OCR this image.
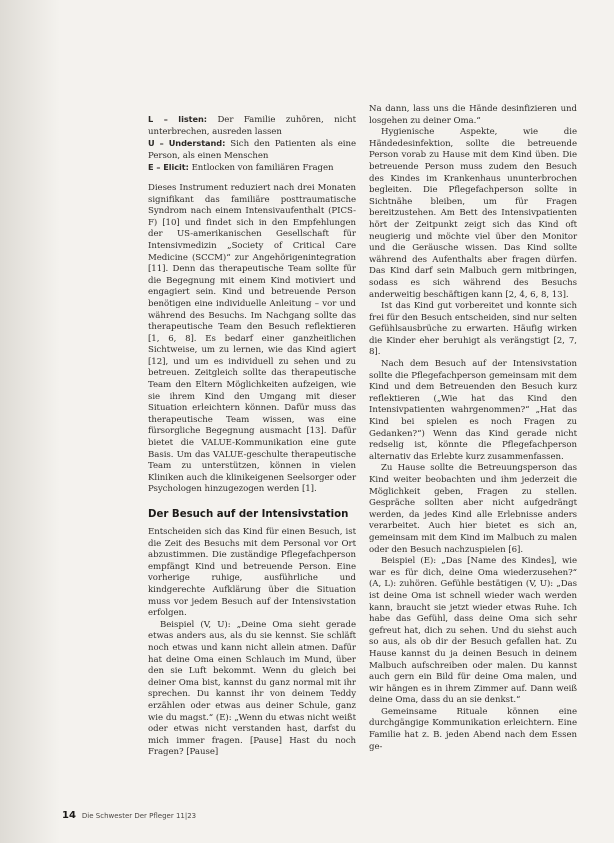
L – listen: Der Familie zuhören, nicht unterbrechen, ausreden lassen

U – Understand: Sich den Patienten als eine Person, als einen Menschen

E – Elicit: Entlocken von familiären Fragen

Dieses Instrument reduziert nach drei Monaten signifikant das familiäre posttraumatische Syndrom nach einem Intensivaufenthalt (PICS-F) [10] und findet sich in den Empfehlungen der US-amerikanischen Gesellschaft für Intensivmedizin „Society of Critical Care Medicine (SCCM)“ zur Angehörigenintegration [11]. Denn das therapeutische Team sollte für die Begegnung mit einem Kind motiviert und engagiert sein. Kind und betreuende Person benötigen eine individuelle Anleitung – vor und während des Besuchs. Im Nachgang sollte das therapeutische Team den Besuch reflektieren [1, 6, 8]. Es bedarf einer ganzheitlichen Sichtweise, um zu lernen, wie das Kind agiert [12], und um es individuell zu sehen und zu betreuen. Zeitgleich sollte das therapeutische Team den Eltern Möglichkeiten aufzeigen, wie sie ihrem Kind den Umgang mit dieser Situation erleichtern können. Dafür muss das therapeutische Team wissen, was eine fürsorgliche Begegnung ausmacht [13]. Dafür bietet die VALUE-Kommunikation eine gute Basis. Um das VALUE-geschulte therapeutische Team zu unterstützen, können in vielen Kliniken auch die klinikeigenen Seelsorger oder Psychologen hinzugezogen werden [1].

Der Besuch auf der Intensivstation

Entscheiden sich das Kind für einen Besuch, ist die Zeit des Besuchs mit dem Personal vor Ort abzustimmen. Die zuständige Pflegefachperson empfängt Kind und betreuende Person. Eine vorherige ruhige, ausführliche und kindgerechte Aufklärung über die Situation muss vor jedem Besuch auf der Intensivstation erfolgen.

Beispiel (V, U): „Deine Oma sieht gerade etwas anders aus, als du sie kennst. Sie schläft noch etwas und kann nicht allein atmen. Dafür hat deine Oma einen Schlauch im Mund, über den sie Luft bekommt. Wenn du gleich bei deiner Oma bist, kannst du ganz normal mit ihr sprechen. Du kannst ihr von deinem Teddy erzählen oder etwas aus deiner Schule, ganz wie du magst.“ (E): „Wenn du etwas nicht weißt oder etwas nicht verstanden hast, darfst du mich immer fragen. [Pause] Hast du noch Fragen? [Pause]

Na dann, lass uns die Hände desinfizieren und losgehen zu deiner Oma.“

Hygienische Aspekte, wie die Händedesinfektion, sollte die betreuende Person vorab zu Hause mit dem Kind üben. Die betreuende Person muss zudem den Besuch des Kindes im Krankenhaus ununterbrochen begleiten. Die Pflegefachperson sollte in Sichtnähe bleiben, um für Fragen bereitzustehen. Am Bett des Intensivpatienten hört der Zeitpunkt zeigt sich das Kind oft neugierig und möchte viel über den Monitor und die Geräusche wissen. Das Kind sollte während des Aufenthalts aber fragen dürfen. Das Kind darf sein Malbuch gern mitbringen, sodass es sich während des Besuchs anderweitig beschäftigen kann [2, 4, 6, 8, 13].

Ist das Kind gut vorbereitet und konnte sich frei für den Besuch entscheiden, sind nur selten Gefühlsausbrüche zu erwarten. Häufig wirken die Kinder eher beruhigt als verängstigt [2, 7, 8].

Nach dem Besuch auf der Intensivstation sollte die Pflegefachperson gemeinsam mit dem Kind und dem Betreuenden den Besuch kurz reflektieren („Wie hat das Kind den Intensivpatienten wahrgenommen?“ „Hat das Kind bei spielen es noch Fragen zu Gedanken?“) Wenn das Kind gerade nicht redselig ist, könnte die Pflegefachperson alternativ das Erlebte kurz zusammenfassen.

Zu Hause sollte die Betreuungsperson das Kind weiter beobachten und ihm jederzeit die Möglichkeit geben, Fragen zu stellen. Gespräche sollten aber nicht aufgedrängt werden, da jedes Kind alle Erlebnisse anders verarbeitet. Auch hier bietet es sich an, gemeinsam mit dem Kind im Malbuch zu malen oder den Besuch nachzuspielen [6].

Beispiel (E): „Das [Name des Kindes], wie war es für dich, deine Oma wiederzusehen?“ (A, L): zuhören. Gefühle bestätigen (V, U): „Das ist deine Oma ist schnell wieder wach werden kann, braucht sie jetzt wieder etwas Ruhe. Ich habe das Gefühl, dass deine Oma sich sehr gefreut hat, dich zu sehen. Und du siehst auch so aus, als ob dir der Besuch gefallen hat. Zu Hause kannst du ja deinen Besuch in deinem Malbuch aufschreiben oder malen. Du kannst auch gern ein Bild für deine Oma malen, und wir hängen es in ihrem Zimmer auf. Dann weiß deine Oma, dass du an sie denkst.“

Gemeinsame Rituale können eine durchgängige Kommunikation erleichtern. Eine Familie hat z. B. jeden Abend nach dem Essen ge-

14 Die Schwester Der Pfleger 11|23
